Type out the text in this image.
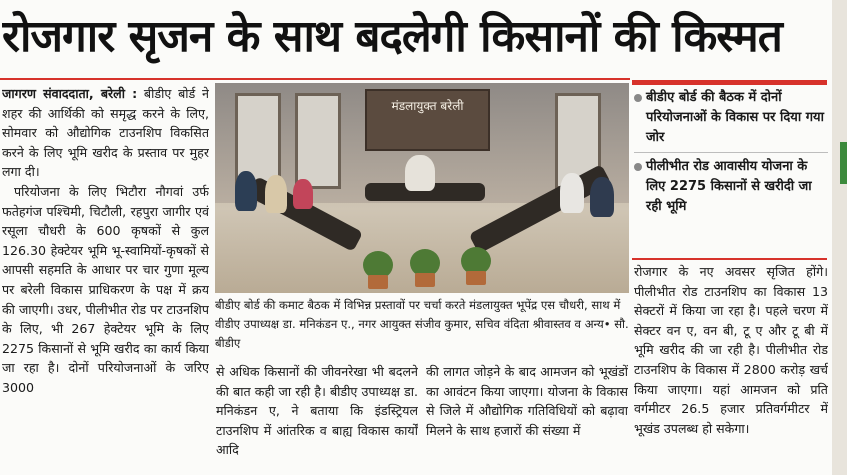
रोजगार सृजन के साथ बदलेगी किसानों की किस्मत

जागरण संवाददाता, बरेली : बीडीए बोर्ड ने शहर की आर्थिकी को समृद्ध करने के लिए, सोमवार को औद्योगिक टाउनशिप विकसित करने के लिए भूमि खरीद के प्रस्ताव पर मुहर लगा दी।

परियोजना के लिए भिटौरा नौगवां उर्फ फतेहगंज पश्चिमी, चिटौली, रहपुरा जागीर एवं रसूला चौधरी के 600 कृषकों से कुल 126.30 हेक्टेयर भूमि भू-स्वामियों-कृषकों से आपसी सहमति के आधार पर चार गुणा मूल्य पर बरेली विकास प्राधिकरण के पक्ष में क्रय की जाएगी। उधर, पीलीभीत रोड पर टाउनशिप के लिए, भी 267 हेक्टेयर भूमि के लिए 2275 किसानों से भूमि खरीद का कार्य किया जा रहा है। दोनों परियोजनाओं के जरिए 3000

मंडलायुक्त बरेली
बीडीए बोर्ड की कमाट बैठक में विभिन्न प्रस्तावों पर चर्चा करते मंडलायुक्त भूपेंद्र एस चौधरी, साथ में वीडीए उपाध्यक्ष डा. मनिकंडन ए., नगर आयुक्त संजीव कुमार, सचिव वंदिता श्रीवास्तव व अन्य• सौ. बीडीए

से अधिक किसानों की जीवनरेखा भी बदलने की बात कही जा रही है। बीडीए उपाध्यक्ष डा. मनिकंडन ए, ने बताया कि इंडस्ट्रियल टाउनशिप में आंतरिक व बाह्य विकास कार्यों आदि

की लागत जोड़ने के बाद आमजन को भूखंडों का आवंटन किया जाएगा। योजना के विकास से जिले में औद्योगिक गतिविधियों को बढ़ावा मिलने के साथ हजारों की संख्या में

बीडीए बोर्ड की बैठक में दोनों परियोजनाओं के विकास पर दिया गया जोर
पीलीभीत रोड आवासीय योजना के लिए 2275 किसानों से खरीदी जा रही भूमि

रोजगार के नए अवसर सृजित होंगे। पीलीभीत रोड टाउनशिप का विकास 13 सेक्टरों में किया जा रहा है। पहले चरण में सेक्टर वन ए, वन बी, टू ए और टू बी में भूमि खरीद की जा रही है। पीलीभीत रोड टाउनशिप के विकास में 2800 करोड़ खर्च किया जाएगा। यहां आमजन को प्रति वर्गमीटर 26.5 हजार प्रतिवर्गमीटर में भूखंड उपलब्ध हो सकेगा।
